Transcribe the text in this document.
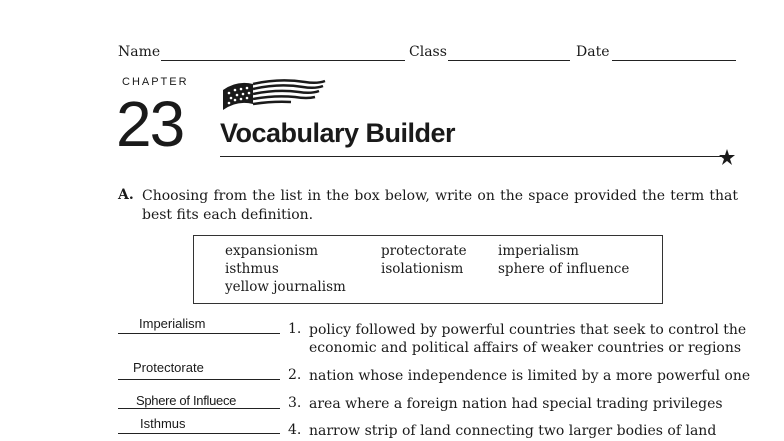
Name	Class	Date
CHAPTER
23 Vocabulary Builder
A. Choosing from the list in the box below, write on the space provided the term that
best fits each definition.
expansionism	protectorate imperialism
isthmus	isolationism	sphere of influence
yellow journalism
Imperialism	1. policy followed by powerful countries that seek to control the
economic and political affairs of weaker countries or regions
Protectorate	2. nation whose independence is limited by a more powerful one
Sphere of Influece	3. area where a foreign nation had special trading privileges
Isthmus	4. narrow strip of land connecting two larger bodies of land
